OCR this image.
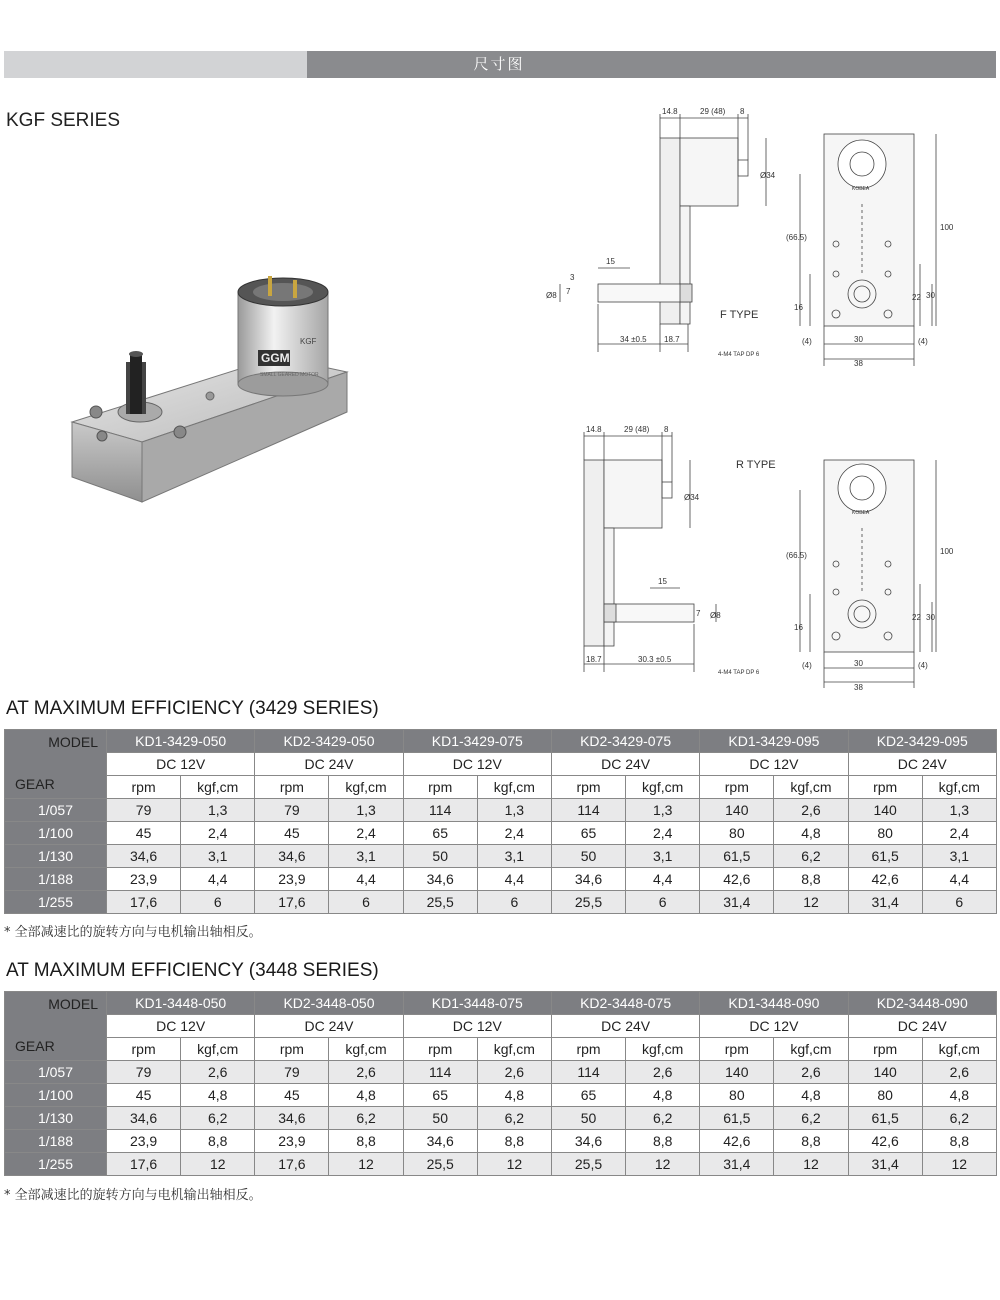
尺寸图
KGF SERIES
GGM
KGF
SMALL GEARED MOTOR
14.8	29 (48) 8
Ø34
15
Ø8 7
3
34 ±0.5 18.7
(66.5)
16
100
22 30
(4)	30
38
(4)
F TYPE
4-M4 TAP DP 6
KOBEA
14.8	29 (48) 8
Ø34
15
Ø8
7
18.7	30.3 ±0.5
(66.5)
16
100
22 30
(4)	30
38
(4)
R TYPE
4-M4 TAP DP 6
KOBEA
AT MAXIMUM EFFICIENCY (3429 SERIES)
MODEL
GEAR	KD1-3429-050		KD2-3429-050		KD1-3429-075		KD2-3429-075		KD1-3429-095		KD2-3429-095	
	DC 12V		DC 24V		DC 12V		DC 24V		DC 12V		DC 24V	
	rpm	kgf,cm	rpm	kgf,cm	rpm	kgf,cm	rpm	kgf,cm	rpm	kgf,cm	rpm	kgf,cm
1/057	79	1,3	79	1,3	114	1,3	114	1,3	140	2,6	140	1,3
1/100	45	2,4	45	2,4	65	2,4	65	2,4	80	4,8	80	2,4
1/130	34,6	3,1	34,6	3,1	50	3,1	50	3,1	61,5	6,2	61,5	3,1
1/188	23,9	4,4	23,9	4,4	34,6	4,4	34,6	4,4	42,6	8,8	42,6	4,4
1/255	17,6	6	17,6	6	25,5	6	25,5	6	31,4	12	31,4	6
* 全部减速比的旋转方向与电机输出轴相反。
AT MAXIMUM EFFICIENCY (3448 SERIES)
MODEL
GEAR	KD1-3448-050		KD2-3448-050		KD1-3448-075		KD2-3448-075		KD1-3448-090		KD2-3448-090	
	DC 12V		DC 24V		DC 12V		DC 24V		DC 12V		DC 24V	
	rpm	kgf,cm	rpm	kgf,cm	rpm	kgf,cm	rpm	kgf,cm	rpm	kgf,cm	rpm	kgf,cm
1/057	79	2,6	79	2,6	114	2,6	114	2,6	140	2,6	140	2,6
1/100	45	4,8	45	4,8	65	4,8	65	4,8	80	4,8	80	4,8
1/130	34,6	6,2	34,6	6,2	50	6,2	50	6,2	61,5	6,2	61,5	6,2
1/188	23,9	8,8	23,9	8,8	34,6	8,8	34,6	8,8	42,6	8,8	42,6	8,8
1/255	17,6	12	17,6	12	25,5	12	25,5	12	31,4	12	31,4	12
* 全部减速比的旋转方向与电机输出轴相反。
